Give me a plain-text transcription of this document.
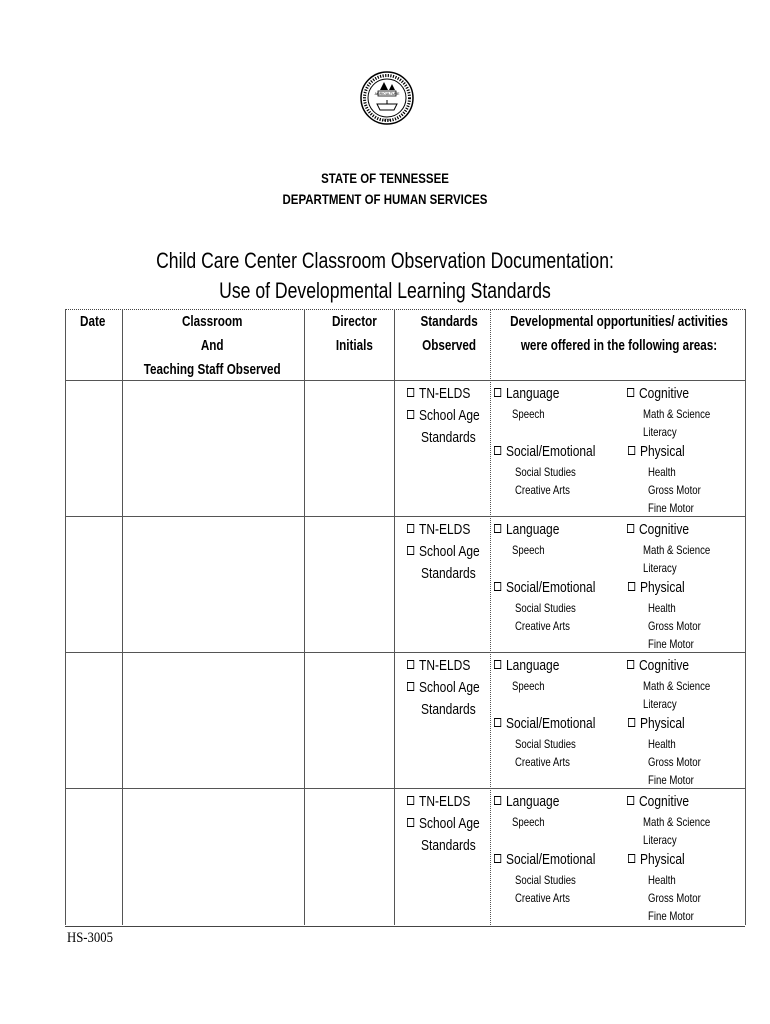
AGRICULTURE
1796
STATE OF TENNESSEE
DEPARTMENT OF HUMAN SERVICES
Child Care Center Classroom Observation Documentation:
Use of Developmental Learning Standards
Date	Classroom
And
Teaching Staff Observed
Director
Initials
Standards
Observed
Developmental opportunities/ activities
were offered in the following areas:
TN-ELDS
School Age
Standards
Language
Speech
Social/Emotional
Social Studies
Creative Arts
Cognitive
Math & Science
Literacy
Physical
Health
Gross Motor
Fine Motor
TN-ELDS
School Age
Standards
Language
Speech
Social/Emotional
Social Studies
Creative Arts
Cognitive
Math & Science
Literacy
Physical
Health
Gross Motor
Fine Motor
TN-ELDS
School Age
Standards
Language
Speech
Social/Emotional
Social Studies
Creative Arts
Cognitive
Math & Science
Literacy
Physical
Health
Gross Motor
Fine Motor
TN-ELDS
School Age
Standards
Language
Speech
Social/Emotional
Social Studies
Creative Arts
Cognitive
Math & Science
Literacy
Physical
Health
Gross Motor
Fine Motor
HS-3005
